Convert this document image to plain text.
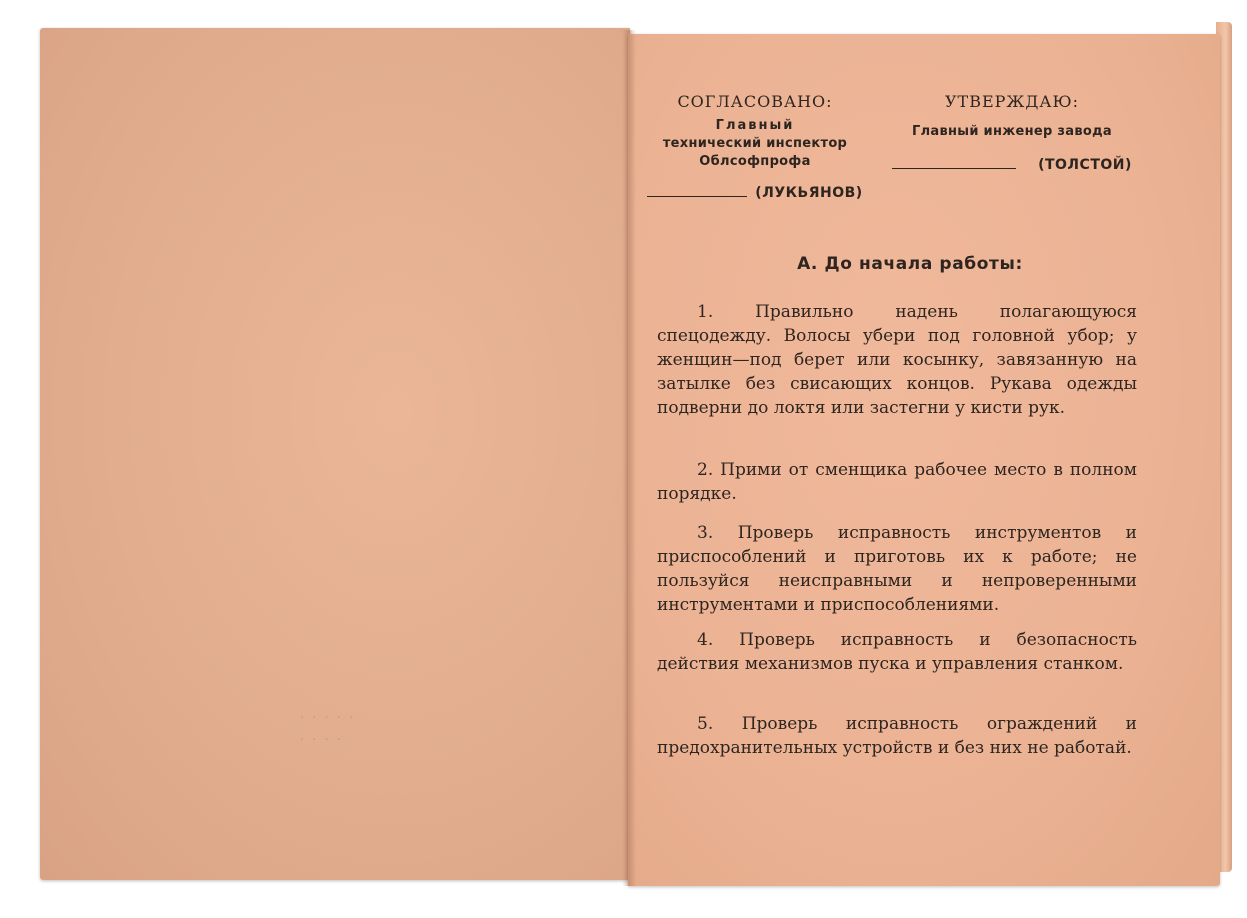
· · · · ·
· · · ·
СОГЛАСОВАНО:
Главный
технический инспектор
Облсофпрофа
(ЛУКЬЯНОВ)
УТВЕРЖДАЮ:
Главный инженер завода
(ТОЛСТОЙ)
А. До начала работы:

1. Правильно надень полагающуюся спецодежду. Волосы убери под головной убор; у женщин—под берет или косынку, завязанную на затылке без свисающих концов. Рукава одежды подверни до локтя или застегни у кисти рук.

2. Прими от сменщика рабочее место в полном порядке.

3. Проверь исправность инструментов и приспособлений и приготовь их к работе; не пользуйся неисправными и непроверенными инструментами и приспособлениями.

4. Проверь исправность и безопасность действия механизмов пуска и управления станком.

5. Проверь исправность ограждений и предохранительных устройств и без них не работай.
